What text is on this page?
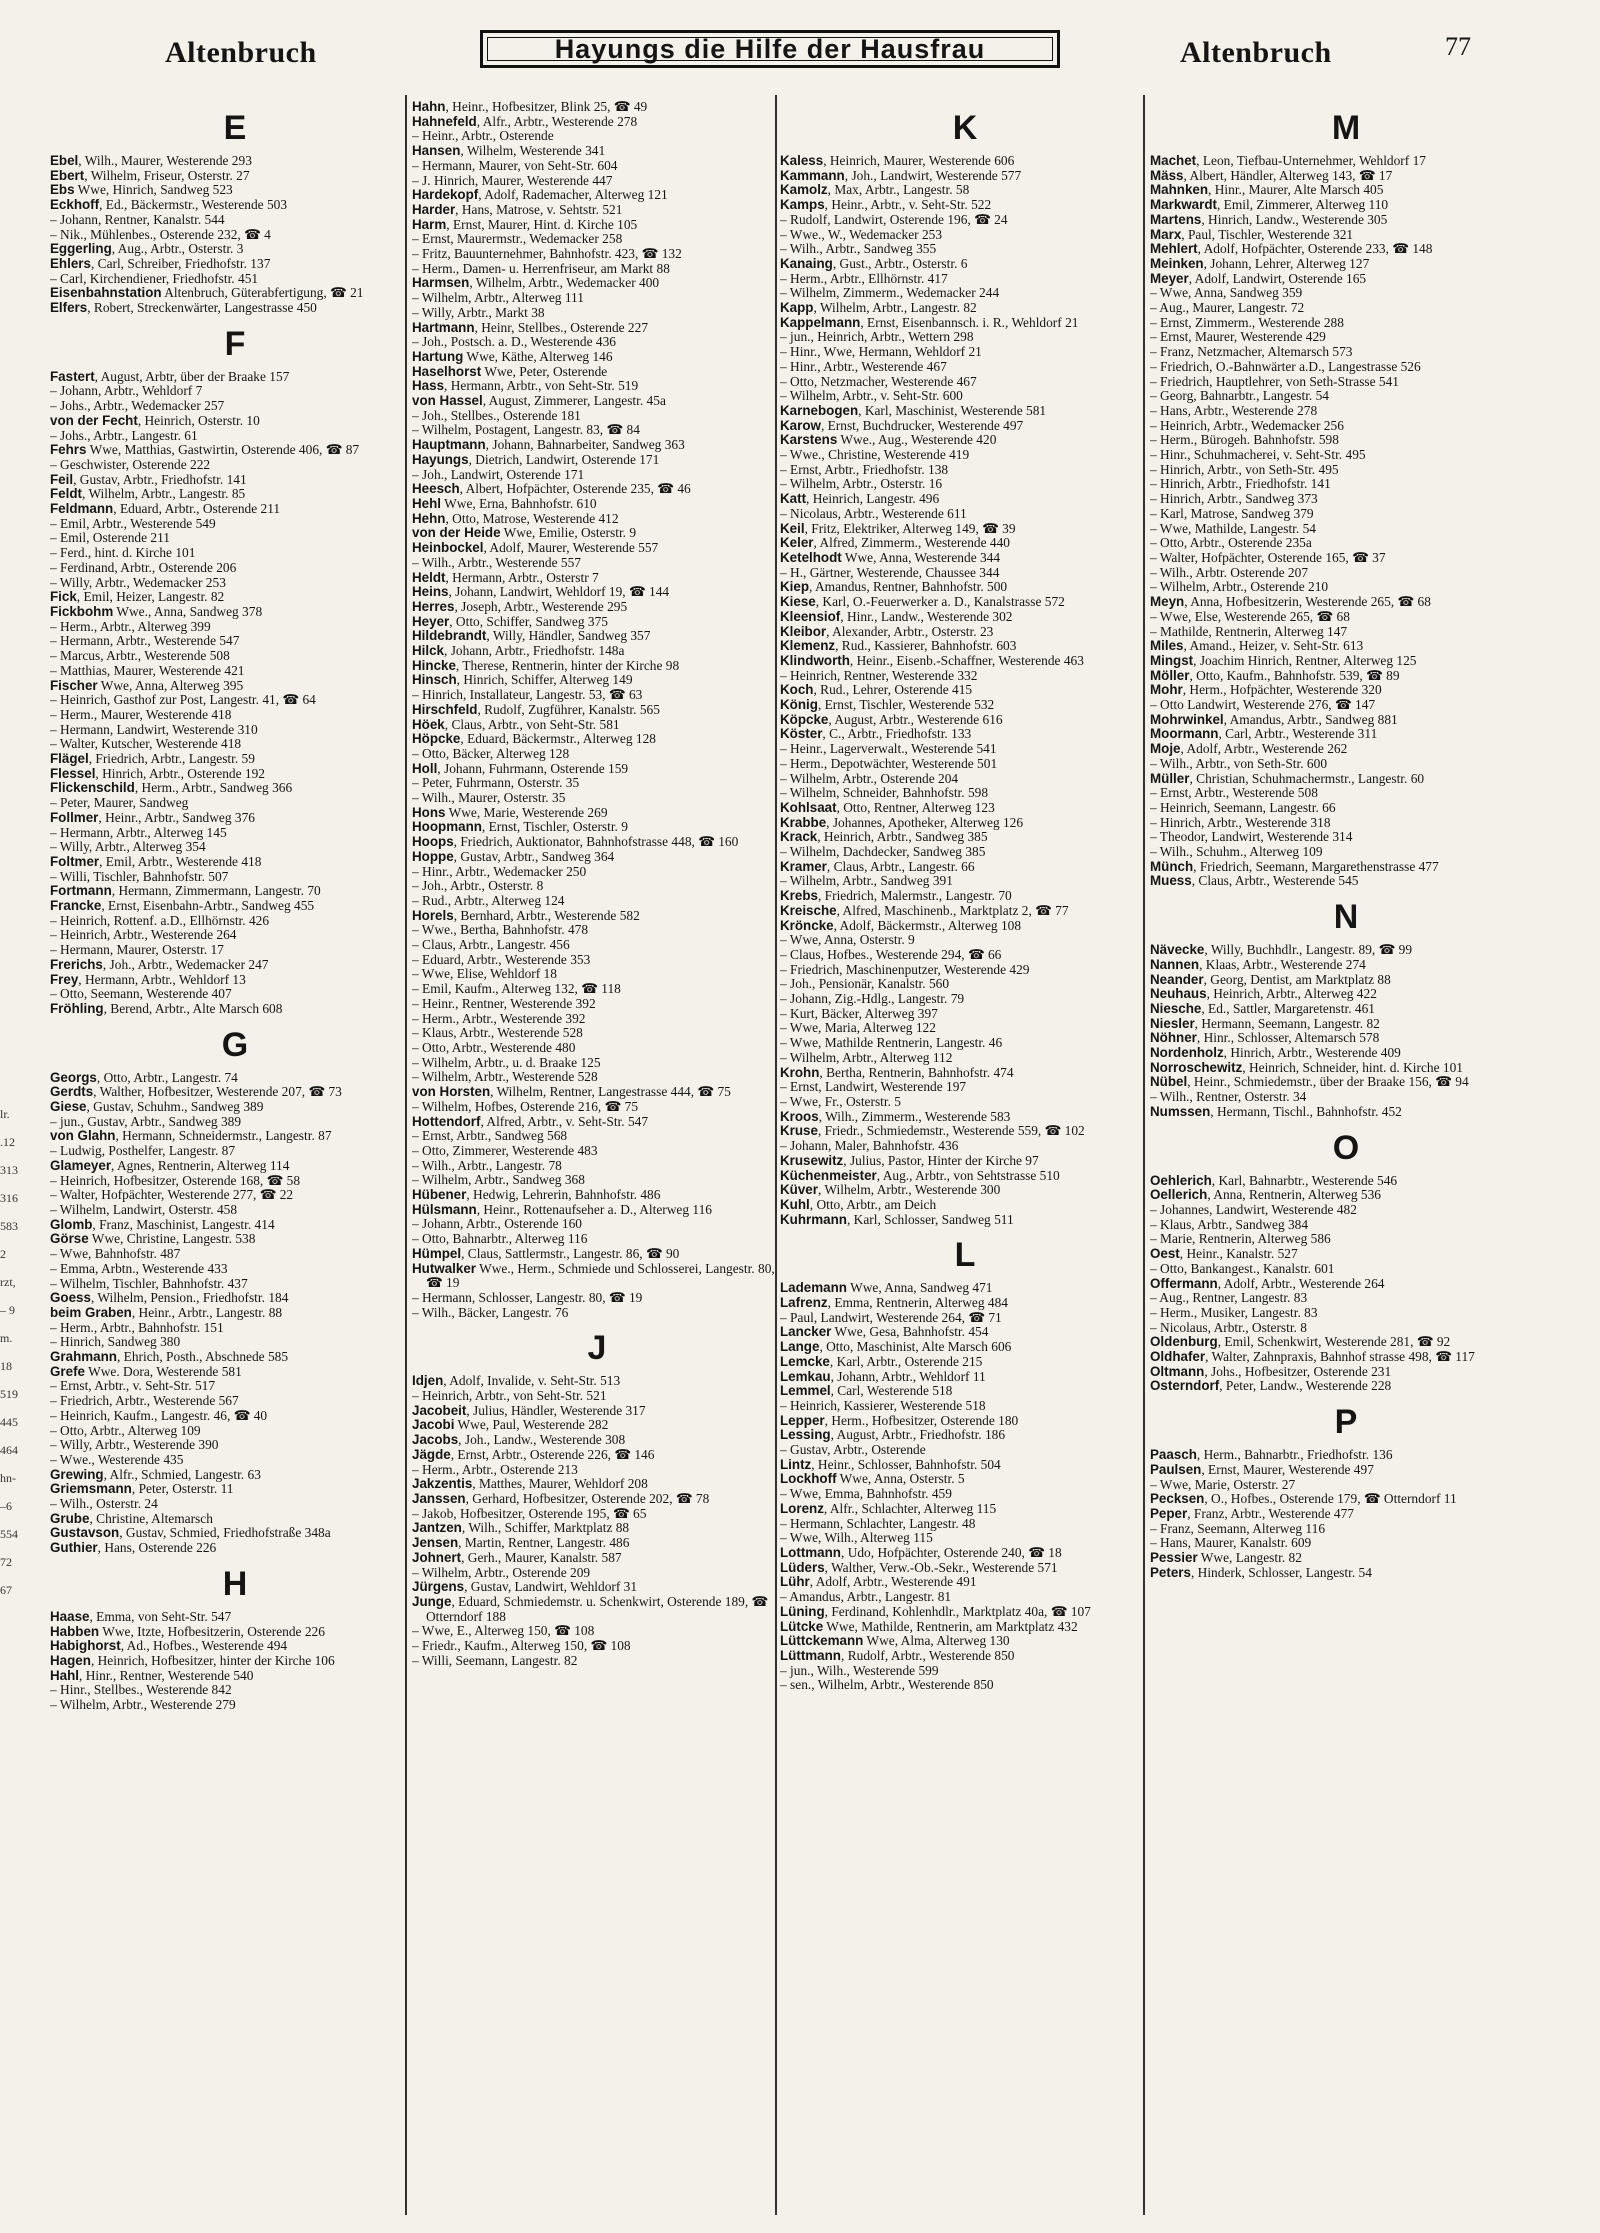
Altenbruch	Hayungs die Hilfe der Hausfrau	Altenbruch	77
lr.
.12
313
316
583
2
rzt,
– 9
m.
18
519
445
464
hn-
–6
554
72
67
E

Ebel, Wilh., Maurer, Westerende 293

Ebert, Wilhelm, Friseur, Osterstr. 27

Ebs Wwe, Hinrich, Sandweg 523

Eckhoff, Ed., Bäckermstr., Westerende 503

– Johann, Rentner, Kanalstr. 544

– Nik., Mühlenbes., Osterende 232, ☎ 4

Eggerling, Aug., Arbtr., Osterstr. 3

Ehlers, Carl, Schreiber, Friedhofstr. 137

– Carl, Kirchendiener, Friedhofstr. 451

Eisenbahnstation Altenbruch, Güterabfertigung, ☎ 21

Elfers, Robert, Streckenwärter, Langestrasse 450

F

Fastert, August, Arbtr, über der Braake 157

– Johann, Arbtr., Wehldorf 7

– Johs., Arbtr., Wedemacker 257

von der Fecht, Heinrich, Osterstr. 10

– Johs., Arbtr., Langestr. 61

Fehrs Wwe, Matthias, Gastwirtin, Osterende 406, ☎ 87

– Geschwister, Osterende 222

Feil, Gustav, Arbtr., Friedhofstr. 141

Feldt, Wilhelm, Arbtr., Langestr. 85

Feldmann, Eduard, Arbtr., Osterende 211

– Emil, Arbtr., Westerende 549

– Emil, Osterende 211

– Ferd., hint. d. Kirche 101

– Ferdinand, Arbtr., Osterende 206

– Willy, Arbtr., Wedemacker 253

Fick, Emil, Heizer, Langestr. 82

Fickbohm Wwe., Anna, Sandweg 378

– Herm., Arbtr., Alterweg 399

– Hermann, Arbtr., Westerende 547

– Marcus, Arbtr., Westerende 508

– Matthias, Maurer, Westerende 421

Fischer Wwe, Anna, Alterweg 395

– Heinrich, Gasthof zur Post, Langestr. 41, ☎ 64

– Herm., Maurer, Westerende 418

– Hermann, Landwirt, Westerende 310

– Walter, Kutscher, Westerende 418

Flägel, Friedrich, Arbtr., Langestr. 59

Flessel, Hinrich, Arbtr., Osterende 192

Flickenschild, Herm., Arbtr., Sandweg 366

– Peter, Maurer, Sandweg

Follmer, Heinr., Arbtr., Sandweg 376

– Hermann, Arbtr., Alterweg 145

– Willy, Arbtr., Alterweg 354

Foltmer, Emil, Arbtr., Westerende 418

– Willi, Tischler, Bahnhofstr. 507

Fortmann, Hermann, Zimmermann, Langestr. 70

Francke, Ernst, Eisenbahn-Arbtr., Sandweg 455

– Heinrich, Rottenf. a.D., Ellhörnstr. 426

– Heinrich, Arbtr., Westerende 264

– Hermann, Maurer, Osterstr. 17

Frerichs, Joh., Arbtr., Wedemacker 247

Frey, Hermann, Arbtr., Wehldorf 13

– Otto, Seemann, Westerende 407

Fröhling, Berend, Arbtr., Alte Marsch 608

G

Georgs, Otto, Arbtr., Langestr. 74

Gerdts, Walther, Hofbesitzer, Westerende 207, ☎ 73

Giese, Gustav, Schuhm., Sandweg 389

– jun., Gustav, Arbtr., Sandweg 389

von Glahn, Hermann, Schneidermstr., Langestr. 87

– Ludwig, Posthelfer, Langestr. 87

Glameyer, Agnes, Rentnerin, Alterweg 114

– Heinrich, Hofbesitzer, Osterende 168, ☎ 58

– Walter, Hofpächter, Westerende 277, ☎ 22

– Wilhelm, Landwirt, Osterstr. 458

Glomb, Franz, Maschinist, Langestr. 414

Görse Wwe, Christine, Langestr. 538

– Wwe, Bahnhofstr. 487

– Emma, Arbtn., Westerende 433

– Wilhelm, Tischler, Bahnhofstr. 437

Goess, Wilhelm, Pension., Friedhofstr. 184

beim Graben, Heinr., Arbtr., Langestr. 88

– Herm., Arbtr., Bahnhofstr. 151

– Hinrich, Sandweg 380

Grahmann, Ehrich, Posth., Abschnede 585

Grefe Wwe. Dora, Westerende 581

– Ernst, Arbtr., v. Seht-Str. 517

– Friedrich, Arbtr., Westerende 567

– Heinrich, Kaufm., Langestr. 46, ☎ 40

– Otto, Arbtr., Alterweg 109

– Willy, Arbtr., Westerende 390

– Wwe., Westerende 435

Grewing, Alfr., Schmied, Langestr. 63

Griemsmann, Peter, Osterstr. 11

– Wilh., Osterstr. 24

Grube, Christine, Altemarsch

Gustavson, Gustav, Schmied, Friedhofstraße 348a

Guthier, Hans, Osterende 226

H

Haase, Emma, von Seht-Str. 547

Habben Wwe, Itzte, Hofbesitzerin, Osterende 226

Habighorst, Ad., Hofbes., Westerende 494

Hagen, Heinrich, Hofbesitzer, hinter der Kirche 106

Hahl, Hinr., Rentner, Westerende 540

– Hinr., Stellbes., Westerende 842

– Wilhelm, Arbtr., Westerende 279

Hahn, Heinr., Hofbesitzer, Blink 25, ☎ 49

Hahnefeld, Alfr., Arbtr., Westerende 278

– Heinr., Arbtr., Osterende

Hansen, Wilhelm, Westerende 341

– Hermann, Maurer, von Seht-Str. 604

– J. Hinrich, Maurer, Westerende 447

Hardekopf, Adolf, Rademacher, Alterweg 121

Harder, Hans, Matrose, v. Sehtstr. 521

Harm, Ernst, Maurer, Hint. d. Kirche 105

– Ernst, Maurermstr., Wedemacker 258

– Fritz, Bauunternehmer, Bahnhofstr. 423, ☎ 132

– Herm., Damen- u. Herrenfriseur, am Markt 88

Harmsen, Wilhelm, Arbtr., Wedemacker 400

– Wilhelm, Arbtr., Alterweg 111

– Willy, Arbtr., Markt 38

Hartmann, Heinr, Stellbes., Osterende 227

– Joh., Postsch. a. D., Westerende 436

Hartung Wwe, Käthe, Alterweg 146

Haselhorst Wwe, Peter, Osterende

Hass, Hermann, Arbtr., von Seht-Str. 519

von Hassel, August, Zimmerer, Langestr. 45a

– Joh., Stellbes., Osterende 181

– Wilhelm, Postagent, Langestr. 83, ☎ 84

Hauptmann, Johann, Bahnarbeiter, Sandweg 363

Hayungs, Dietrich, Landwirt, Osterende 171

– Joh., Landwirt, Osterende 171

Heesch, Albert, Hofpächter, Osterende 235, ☎ 46

Hehl Wwe, Erna, Bahnhofstr. 610

Hehn, Otto, Matrose, Westerende 412

von der Heide Wwe, Emilie, Osterstr. 9

Heinbockel, Adolf, Maurer, Westerende 557

– Wilh., Arbtr., Westerende 557

Heldt, Hermann, Arbtr., Osterstr 7

Heins, Johann, Landwirt, Wehldorf 19, ☎ 144

Herres, Joseph, Arbtr., Westerende 295

Heyer, Otto, Schiffer, Sandweg 375

Hildebrandt, Willy, Händler, Sandweg 357

Hilck, Johann, Arbtr., Friedhofstr. 148a

Hincke, Therese, Rentnerin, hinter der Kirche 98

Hinsch, Hinrich, Schiffer, Alterweg 149

– Hinrich, Installateur, Langestr. 53, ☎ 63

Hirschfeld, Rudolf, Zugführer, Kanalstr. 565

Höek, Claus, Arbtr., von Seht-Str. 581

Höpcke, Eduard, Bäckermstr., Alterweg 128

– Otto, Bäcker, Alterweg 128

Holl, Johann, Fuhrmann, Osterende 159

– Peter, Fuhrmann, Osterstr. 35

– Wilh., Maurer, Osterstr. 35

Hons Wwe, Marie, Westerende 269

Hoopmann, Ernst, Tischler, Osterstr. 9

Hoops, Friedrich, Auktionator, Bahnhofstrasse 448, ☎ 160

Hoppe, Gustav, Arbtr., Sandweg 364

– Hinr., Arbtr., Wedemacker 250

– Joh., Arbtr., Osterstr. 8

– Rud., Arbtr., Alterweg 124

Horels, Bernhard, Arbtr., Westerende 582

– Wwe., Bertha, Bahnhofstr. 478

– Claus, Arbtr., Langestr. 456

– Eduard, Arbtr., Westerende 353

– Wwe, Elise, Wehldorf 18

– Emil, Kaufm., Alterweg 132, ☎ 118

– Heinr., Rentner, Westerende 392

– Herm., Arbtr., Westerende 392

– Klaus, Arbtr., Westerende 528

– Otto, Arbtr., Westerende 480

– Wilhelm, Arbtr., u. d. Braake 125

– Wilhelm, Arbtr., Westerende 528

von Horsten, Wilhelm, Rentner, Langestrasse 444, ☎ 75

– Wilhelm, Hofbes, Osterende 216, ☎ 75

Hottendorf, Alfred, Arbtr., v. Seht-Str. 547

– Ernst, Arbtr., Sandweg 568

– Otto, Zimmerer, Westerende 483

– Wilh., Arbtr., Langestr. 78

– Wilhelm, Arbtr., Sandweg 368

Hübener, Hedwig, Lehrerin, Bahnhofstr. 486

Hülsmann, Heinr., Rottenaufseher a. D., Alterweg 116

– Johann, Arbtr., Osterende 160

– Otto, Bahnarbtr., Alterweg 116

Hümpel, Claus, Sattlermstr., Langestr. 86, ☎ 90

Hutwalker Wwe., Herm., Schmiede und Schlosserei, Langestr. 80, ☎ 19

– Hermann, Schlosser, Langestr. 80, ☎ 19

– Wilh., Bäcker, Langestr. 76

J

Idjen, Adolf, Invalide, v. Seht-Str. 513

– Heinrich, Arbtr., von Seht-Str. 521

Jacobeit, Julius, Händler, Westerende 317

Jacobi Wwe, Paul, Westerende 282

Jacobs, Joh., Landw., Westerende 308

Jägde, Ernst, Arbtr., Osterende 226, ☎ 146

– Herm., Arbtr., Osterende 213

Jakzentis, Matthes, Maurer, Wehldorf 208

Janssen, Gerhard, Hofbesitzer, Osterende 202, ☎ 78

– Jakob, Hofbesitzer, Osterende 195, ☎ 65

Jantzen, Wilh., Schiffer, Marktplatz 88

Jensen, Martin, Rentner, Langestr. 486

Johnert, Gerh., Maurer, Kanalstr. 587

– Wilhelm, Arbtr., Osterende 209

Jürgens, Gustav, Landwirt, Wehldorf 31

Junge, Eduard, Schmiedemstr. u. Schenkwirt, Osterende 189, ☎ Otterndorf 188

– Wwe, E., Alterweg 150, ☎ 108

– Friedr., Kaufm., Alterweg 150, ☎ 108

– Willi, Seemann, Langestr. 82

K

Kaless, Heinrich, Maurer, Westerende 606

Kammann, Joh., Landwirt, Westerende 577

Kamolz, Max, Arbtr., Langestr. 58

Kamps, Heinr., Arbtr., v. Seht-Str. 522

– Rudolf, Landwirt, Osterende 196, ☎ 24

– Wwe., W., Wedemacker 253

– Wilh., Arbtr., Sandweg 355

Kanaing, Gust., Arbtr., Osterstr. 6

– Herm., Arbtr., Ellhörnstr. 417

– Wilhelm, Zimmerm., Wedemacker 244

Kapp, Wilhelm, Arbtr., Langestr. 82

Kappelmann, Ernst, Eisenbannsch. i. R., Wehldorf 21

– jun., Heinrich, Arbtr., Wettern 298

– Hinr., Wwe, Hermann, Wehldorf 21

– Hinr., Arbtr., Westerende 467

– Otto, Netzmacher, Westerende 467

– Wilhelm, Arbtr., v. Seht-Str. 600

Karnebogen, Karl, Maschinist, Westerende 581

Karow, Ernst, Buchdrucker, Westerende 497

Karstens Wwe., Aug., Westerende 420

– Wwe., Christine, Westerende 419

– Ernst, Arbtr., Friedhofstr. 138

– Wilhelm, Arbtr., Osterstr. 16

Katt, Heinrich, Langestr. 496

– Nicolaus, Arbtr., Westerende 611

Keil, Fritz, Elektriker, Alterweg 149, ☎ 39

Keler, Alfred, Zimmerm., Westerende 440

Ketelhodt Wwe, Anna, Westerende 344

– H., Gärtner, Westerende, Chaussee 344

Kiep, Amandus, Rentner, Bahnhofstr. 500

Kiese, Karl, O.-Feuerwerker a. D., Kanalstrasse 572

Kleensiof, Hinr., Landw., Westerende 302

Kleibor, Alexander, Arbtr., Osterstr. 23

Klemenz, Rud., Kassierer, Bahnhofstr. 603

Klindworth, Heinr., Eisenb.-Schaffner, Westerende 463

– Heinrich, Rentner, Westerende 332

Koch, Rud., Lehrer, Osterende 415

König, Ernst, Tischler, Westerende 532

Köpcke, August, Arbtr., Westerende 616

Köster, C., Arbtr., Friedhofstr. 133

– Heinr., Lagerverwalt., Westerende 541

– Herm., Depotwächter, Westerende 501

– Wilhelm, Arbtr., Osterende 204

– Wilhelm, Schneider, Bahnhofstr. 598

Kohlsaat, Otto, Rentner, Alterweg 123

Krabbe, Johannes, Apotheker, Alterweg 126

Krack, Heinrich, Arbtr., Sandweg 385

– Wilhelm, Dachdecker, Sandweg 385

Kramer, Claus, Arbtr., Langestr. 66

– Wilhelm, Arbtr., Sandweg 391

Krebs, Friedrich, Malermstr., Langestr. 70

Kreische, Alfred, Maschinenb., Marktplatz 2, ☎ 77

Kröncke, Adolf, Bäckermstr., Alterweg 108

– Wwe, Anna, Osterstr. 9

– Claus, Hofbes., Westerende 294, ☎ 66

– Friedrich, Maschinenputzer, Westerende 429

– Joh., Pensionär, Kanalstr. 560

– Johann, Zig.-Hdlg., Langestr. 79

– Kurt, Bäcker, Alterweg 397

– Wwe, Maria, Alterweg 122

– Wwe, Mathilde Rentnerin, Langestr. 46

– Wilhelm, Arbtr., Alterweg 112

Krohn, Bertha, Rentnerin, Bahnhofstr. 474

– Ernst, Landwirt, Westerende 197

– Wwe, Fr., Osterstr. 5

Kroos, Wilh., Zimmerm., Westerende 583

Kruse, Friedr., Schmiedemstr., Westerende 559, ☎ 102

– Johann, Maler, Bahnhofstr. 436

Krusewitz, Julius, Pastor, Hinter der Kirche 97

Küchenmeister, Aug., Arbtr., von Sehtstrasse 510

Küver, Wilhelm, Arbtr., Westerende 300

Kuhl, Otto, Arbtr., am Deich

Kuhrmann, Karl, Schlosser, Sandweg 511

L

Lademann Wwe, Anna, Sandweg 471

Lafrenz, Emma, Rentnerin, Alterweg 484

– Paul, Landwirt, Westerende 264, ☎ 71

Lancker Wwe, Gesa, Bahnhofstr. 454

Lange, Otto, Maschinist, Alte Marsch 606

Lemcke, Karl, Arbtr., Osterende 215

Lemkau, Johann, Arbtr., Wehldorf 11

Lemmel, Carl, Westerende 518

– Heinrich, Kassierer, Westerende 518

Lepper, Herm., Hofbesitzer, Osterende 180

Lessing, August, Arbtr., Friedhofstr. 186

– Gustav, Arbtr., Osterende

Lintz, Heinr., Schlosser, Bahnhofstr. 504

Lockhoff Wwe, Anna, Osterstr. 5

– Wwe, Emma, Bahnhofstr. 459

Lorenz, Alfr., Schlachter, Alterweg 115

– Hermann, Schlachter, Langestr. 48

– Wwe, Wilh., Alterweg 115

Lottmann, Udo, Hofpächter, Osterende 240, ☎ 18

Lüders, Walther, Verw.-Ob.-Sekr., Westerende 571

Lühr, Adolf, Arbtr., Westerende 491

– Amandus, Arbtr., Langestr. 81

Lüning, Ferdinand, Kohlenhdlr., Marktplatz 40a, ☎ 107

Lütcke Wwe, Mathilde, Rentnerin, am Marktplatz 432

Lüttckemann Wwe, Alma, Alterweg 130

Lüttmann, Rudolf, Arbtr., Westerende 850

– jun., Wilh., Westerende 599

– sen., Wilhelm, Arbtr., Westerende 850

M

Machet, Leon, Tiefbau-Unternehmer, Wehldorf 17

Mäss, Albert, Händler, Alterweg 143, ☎ 17

Mahnken, Hinr., Maurer, Alte Marsch 405

Markwardt, Emil, Zimmerer, Alterweg 110

Martens, Hinrich, Landw., Westerende 305

Marx, Paul, Tischler, Westerende 321

Mehlert, Adolf, Hofpächter, Osterende 233, ☎ 148

Meinken, Johann, Lehrer, Alterweg 127

Meyer, Adolf, Landwirt, Osterende 165

– Wwe, Anna, Sandweg 359

– Aug., Maurer, Langestr. 72

– Ernst, Zimmerm., Westerende 288

– Ernst, Maurer, Westerende 429

– Franz, Netzmacher, Altemarsch 573

– Friedrich, O.-Bahnwärter a.D., Langestrasse 526

– Friedrich, Hauptlehrer, von Seth-Strasse 541

– Georg, Bahnarbtr., Langestr. 54

– Hans, Arbtr., Westerende 278

– Heinrich, Arbtr., Wedemacker 256

– Herm., Bürogeh. Bahnhofstr. 598

– Hinr., Schuhmacherei, v. Seht-Str. 495

– Hinrich, Arbtr., von Seth-Str. 495

– Hinrich, Arbtr., Friedhofstr. 141

– Hinrich, Arbtr., Sandweg 373

– Karl, Matrose, Sandweg 379

– Wwe, Mathilde, Langestr. 54

– Otto, Arbtr., Osterende 235a

– Walter, Hofpächter, Osterende 165, ☎ 37

– Wilh., Arbtr. Osterende 207

– Wilhelm, Arbtr., Osterende 210

Meyn, Anna, Hofbesitzerin, Westerende 265, ☎ 68

– Wwe, Else, Westerende 265, ☎ 68

– Mathilde, Rentnerin, Alterweg 147

Miles, Amand., Heizer, v. Seht-Str. 613

Mingst, Joachim Hinrich, Rentner, Alterweg 125

Möller, Otto, Kaufm., Bahnhofstr. 539, ☎ 89

Mohr, Herm., Hofpächter, Westerende 320

– Otto Landwirt, Westerende 276, ☎ 147

Mohrwinkel, Amandus, Arbtr., Sandweg 881

Moormann, Carl, Arbtr., Westerende 311

Moje, Adolf, Arbtr., Westerende 262

– Wilh., Arbtr., von Seth-Str. 600

Müller, Christian, Schuhmachermstr., Langestr. 60

– Ernst, Arbtr., Westerende 508

– Heinrich, Seemann, Langestr. 66

– Hinrich, Arbtr., Westerende 318

– Theodor, Landwirt, Westerende 314

– Wilh., Schuhm., Alterweg 109

Münch, Friedrich, Seemann, Margarethenstrasse 477

Muess, Claus, Arbtr., Westerende 545

N

Nävecke, Willy, Buchhdlr., Langestr. 89, ☎ 99

Nannen, Klaas, Arbtr., Westerende 274

Neander, Georg, Dentist, am Marktplatz 88

Neuhaus, Heinrich, Arbtr., Alterweg 422

Niesche, Ed., Sattler, Margaretenstr. 461

Niesler, Hermann, Seemann, Langestr. 82

Nöhner, Hinr., Schlosser, Altemarsch 578

Nordenholz, Hinrich, Arbtr., Westerende 409

Norroschewitz, Heinrich, Schneider, hint. d. Kirche 101

Nübel, Heinr., Schmiedemstr., über der Braake 156, ☎ 94

– Wilh., Rentner, Osterstr. 34

Numssen, Hermann, Tischl., Bahnhofstr. 452

O

Oehlerich, Karl, Bahnarbtr., Westerende 546

Oellerich, Anna, Rentnerin, Alterweg 536

– Johannes, Landwirt, Westerende 482

– Klaus, Arbtr., Sandweg 384

– Marie, Rentnerin, Alterweg 586

Oest, Heinr., Kanalstr. 527

– Otto, Bankangest., Kanalstr. 601

Offermann, Adolf, Arbtr., Westerende 264

– Aug., Rentner, Langestr. 83

– Herm., Musiker, Langestr. 83

– Nicolaus, Arbtr., Osterstr. 8

Oldenburg, Emil, Schenkwirt, Westerende 281, ☎ 92

Oldhafer, Walter, Zahnpraxis, Bahnhof strasse 498, ☎ 117

Oltmann, Johs., Hofbesitzer, Osterende 231

Osterndorf, Peter, Landw., Westerende 228

P

Paasch, Herm., Bahnarbtr., Friedhofstr. 136

Paulsen, Ernst, Maurer, Westerende 497

– Wwe, Marie, Osterstr. 27

Pecksen, O., Hofbes., Osterende 179, ☎ Otterndorf 11

Peper, Franz, Arbtr., Westerende 477

– Franz, Seemann, Alterweg 116

– Hans, Maurer, Kanalstr. 609

Pessier Wwe, Langestr. 82

Peters, Hinderk, Schlosser, Langestr. 54
